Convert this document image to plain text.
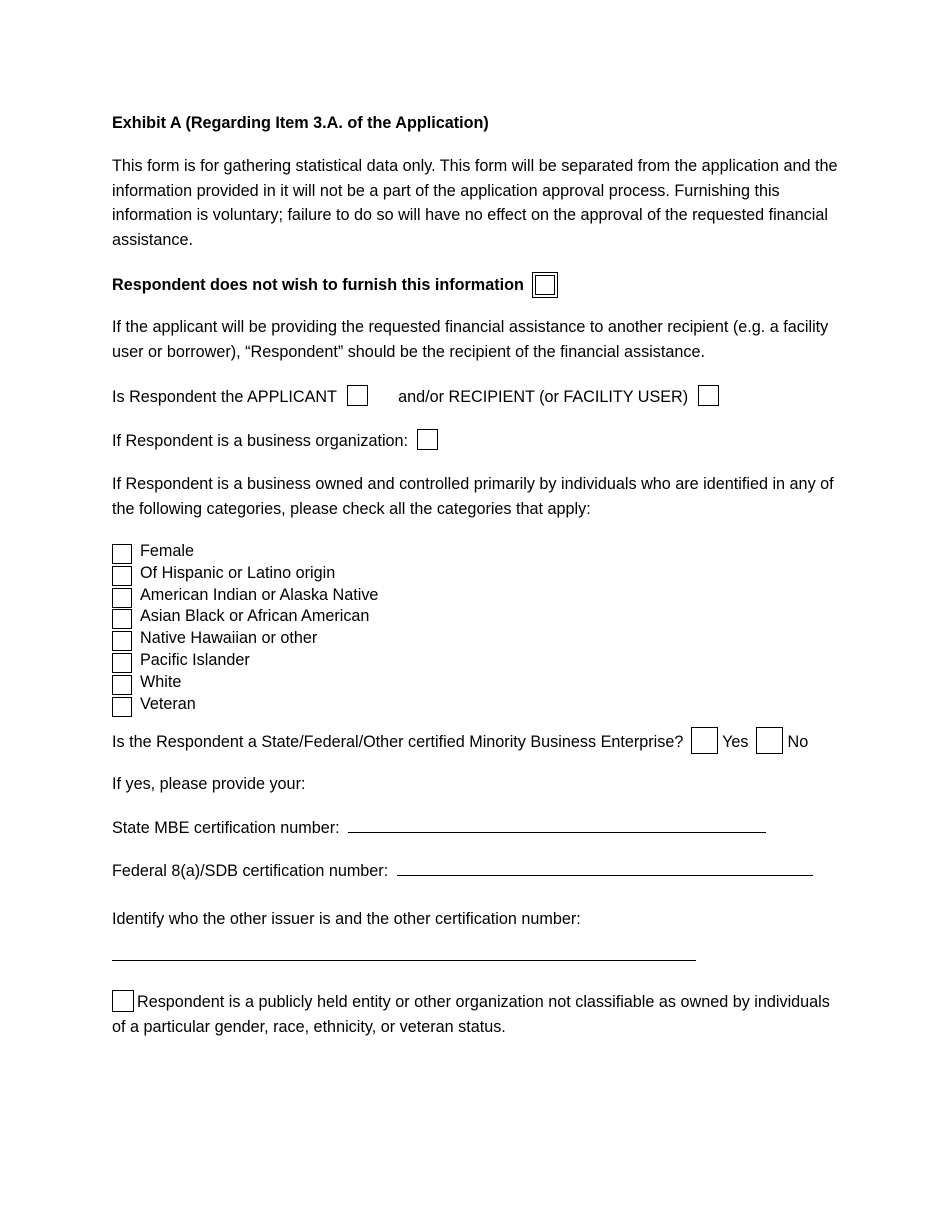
Exhibit A (Regarding Item 3.A. of the Application)
This form is for gathering statistical data only. This form will be separated from the application and the information provided in it will not be a part of the application approval process. Furnishing this information is voluntary; failure to do so will have no effect on the approval of the requested financial assistance.
Respondent does not wish to furnish this information
If the applicant will be providing the requested financial assistance to another recipient (e.g. a facility user or borrower), “Respondent” should be the recipient of the financial assistance.
Is Respondent the APPLICANT	and/or RECIPIENT (or FACILITY USER)
If Respondent is a business organization:
If Respondent is a business owned and controlled primarily by individuals who are identified in any of the following categories, please check all the categories that apply:
Female
Of Hispanic or Latino origin
American Indian or Alaska Native
Asian Black or African American
Native Hawaiian or other
Pacific Islander
White
Veteran
Is the Respondent a State/Federal/Other certified Minority Business Enterprise? Yes No
If yes, please provide your:
State MBE certification number:
Federal 8(a)/SDB certification number:
Identify who the other issuer is and the other certification number:
Respondent is a publicly held entity or other organization not classifiable as owned by individuals of a particular gender, race, ethnicity, or veteran status.
